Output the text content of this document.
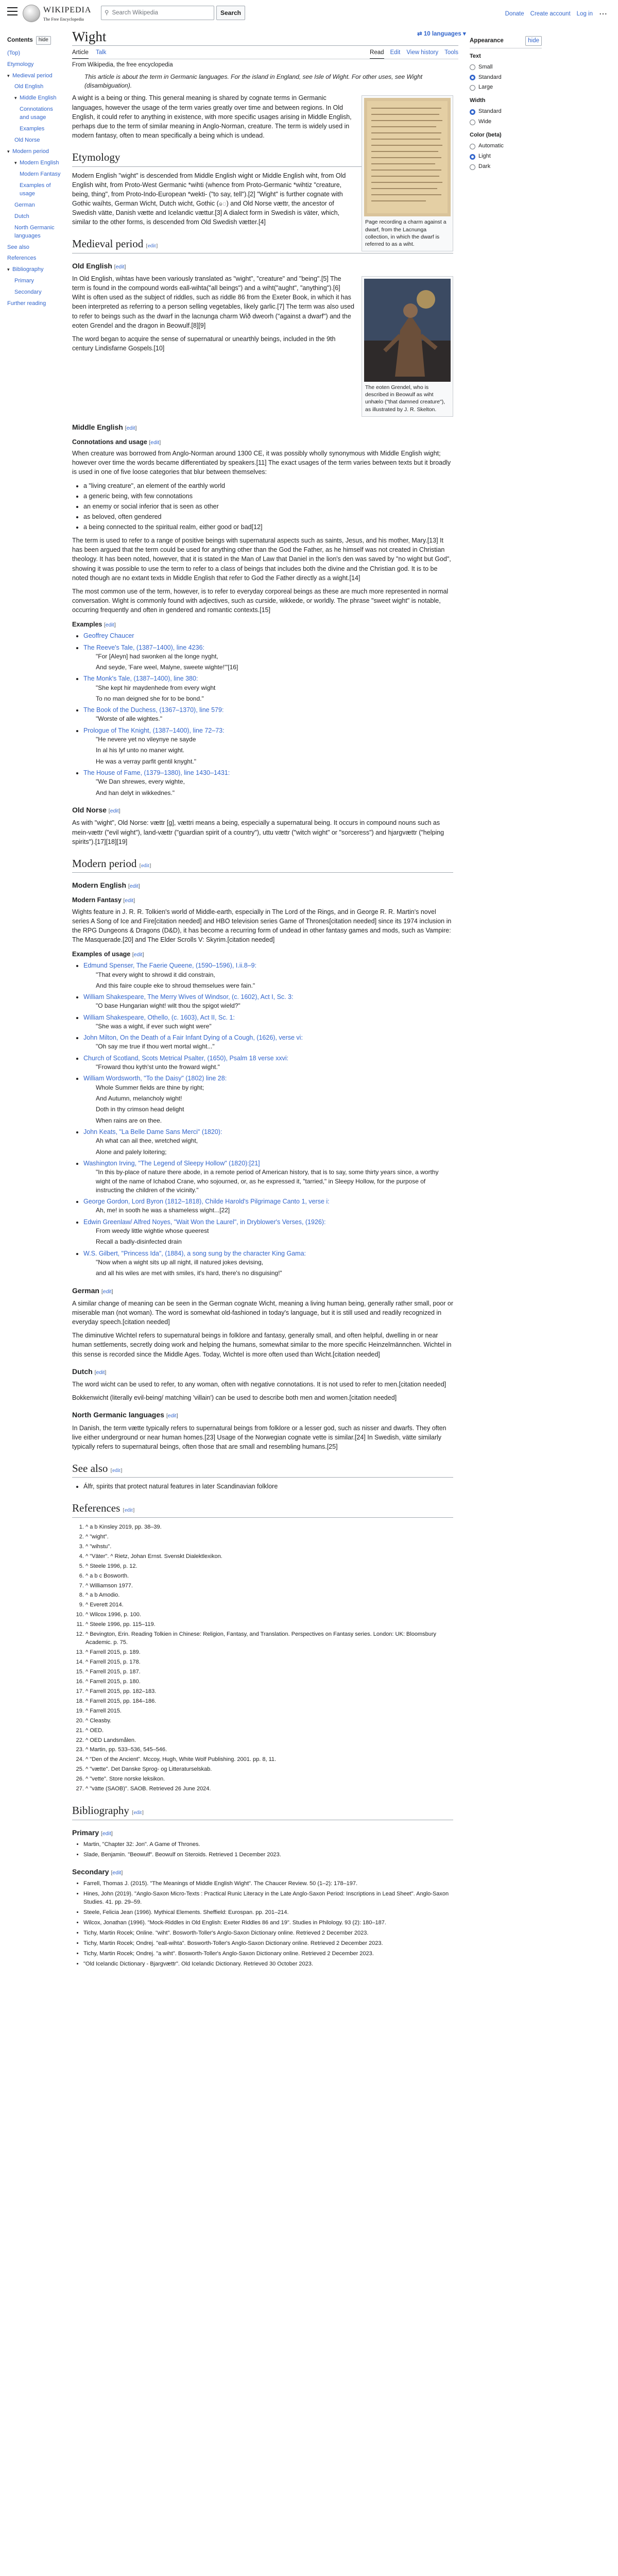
WIKIPEDIA
The Free Encyclopedia
⚲ Search Wikipedia	Search	Donate Create account Log in ⋯
Contents	hide
(Top)
Etymology
▾ Medieval period
Old English
▾ Middle English
Connotations and usage
Examples
Old Norse
▾ Modern period
▾ Modern English
Modern Fantasy
Examples of usage
German
Dutch
North Germanic languages
See also
References
▾ Bibliography
Primary
Secondary
Further reading
Wight	⇄ 10 languages ▾
Article Talk	Read Edit View history Tools
Appearance	hide
Text
Small
Standard
Large
Width
Standard
Wide
Color (beta)
Automatic
Light
Dark
From Wikipedia, the free encyclopedia
This article is about the term in Germanic languages. For the island in England, see Isle of Wight. For other uses, see Wight (disambiguation).
Page recording a charm against a dwarf, from the Lacnunga collection, in which the dwarf is referred to as a wiht.

A wight is a being or thing. This general meaning is shared by cognate terms in Germanic languages, however the usage of the term varies greatly over time and between regions. In Old English, it could refer to anything in existence, with more specific usages arising in Middle English, perhaps due to the term of similar meaning in Anglo-Norman, creature. The term is widely used in modern fantasy, often to mean specifically a being which is undead.

Etymology

Modern English "wight" is descended from Middle English wight or Middle English wiht, from Old English wiht, from Proto-West Germanic *wihti (whence from Proto-Germanic *wihtiz "creature, being, thing", from Proto-Indo-European *wekti- ("to say, tell").[2] "Wight" is further cognate with Gothic waíhts, German Wicht, Dutch wicht, Gothic (ေ) and Old Norse vættr, the ancestor of Swedish vätte, Danish vætte and Icelandic vættur.[3] A dialect form in Swedish is väter, which, similar to the other forms, is descended from Old Swedish vætter.[4]

Medieval period [edit]
Old English [edit]
The eoten Grendel, who is described in Beowulf as wiht unhælo ("that damned creature"), as illustrated by J. R. Skelton.

In Old English, wihtas have been variously translated as "wight", "creature" and "being".[5] The term is found in the compound words eall-wihta("all beings") and a wiht("aught", "anything").[6] Wiht is often used as the subject of riddles, such as riddle 86 from the Exeter Book, in which it has been interpreted as referring to a person selling vegetables, likely garlic.[7] The term was also used to refer to beings such as the dwarf in the lacnunga charm Wið dweorh ("against a dwarf") and the eoten Grendel and the dragon in Beowulf.[8][9]

The word began to acquire the sense of supernatural or unearthly beings, included in the 9th century Lindisfarne Gospels.[10]

Middle English [edit]
Connotations and usage [edit]

When creature was borrowed from Anglo-Norman around 1300 CE, it was possibly wholly synonymous with Middle English wight; however over time the words became differentiated by speakers.[11] The exact usages of the term varies between texts but it broadly is used in one of five loose categories that blur between themselves:

• a "living creature", an element of the earthly world
• a generic being, with few connotations
• an enemy or social inferior that is seen as other
• as beloved, often gendered
• a being connected to the spiritual realm, either good or bad[12]

The term is used to refer to a range of positive beings with supernatural aspects such as saints, Jesus, and his mother, Mary.[13] It has been argued that the term could be used for anything other than the God the Father, as he himself was not created in Christian theology. It has been noted, however, that it is stated in the Man of Law that Daniel in the lion's den was saved by "no wight but God", showing it was possible to use the term to refer to a class of beings that includes both the divine and the Christian god. It is to be noted though are no extant texts in Middle English that refer to God the Father directly as a wight.[14]

The most common use of the term, however, is to refer to everyday corporeal beings as these are much more represented in normal conversation. Wight is commonly found with adjectives, such as curside, wikkede, or worldly. The phrase "sweet wight" is notable, occurring frequently and often in gendered and romantic contexts.[15]

Examples [edit]
• Geoffrey Chaucer
• The Reeve's Tale, (1387–1400), line 4236:
"For [Aleyn] had swonken al the longe nyght,
And seyde, 'Fare weel, Malyne, sweete wighte!'"[16]
• The Monk's Tale, (1387–1400), line 380:
"She kept hir maydenhede from every wight
To no man deigned she for to be bond."
• The Book of the Duchess, (1367–1370), line 579:
"Worste of alle wightes."
• Prologue of The Knight, (1387–1400), line 72–73:
"He nevere yet no vileynye ne sayde
In al his lyf unto no maner wight.
He was a verray parfit gentil knyght."
• The House of Fame, (1379–1380), line 1430–1431:
"We Dan shrewes, every wighte,
And han delyt in wikkednes."
Old Norse [edit]

As with "wight", Old Norse: vættr [g], vættri means a being, especially a supernatural being. It occurs in compound nouns such as mein-vættr ("evil wight"), land-vættr ("guardian spirit of a country"), uttu vættr ("witch wight" or "sorceress") and hjargvættr ("helping spirits").[17][18][19]

Modern period [edit]
Modern English [edit]
Modern Fantasy [edit]

Wights feature in J. R. R. Tolkien's world of Middle-earth, especially in The Lord of the Rings, and in George R. R. Martin's novel series A Song of Ice and Fire[citation needed] and HBO television series Game of Thrones[citation needed] since its 1974 inclusion in the RPG Dungeons & Dragons (D&D), it has become a recurring form of undead in other fantasy games and mods, such as Vampire: The Masquerade.[20] and The Elder Scrolls V: Skyrim.[citation needed]

Examples of usage [edit]
• Edmund Spenser, The Faerie Queene, (1590–1596), I.ii.8–9:
"That every wight to shrowd it did constrain,
And this faire couple eke to shroud themselues were fain."
• William Shakespeare, The Merry Wives of Windsor, (c. 1602), Act I, Sc. 3:
"O base Hungarian wight! wilt thou the spigot wield?"
• William Shakespeare, Othello, (c. 1603), Act II, Sc. 1:
"She was a wight, if ever such wight were"
• John Milton, On the Death of a Fair Infant Dying of a Cough, (1626), verse vi:
"Oh say me true if thou wert mortal wight..."
• Church of Scotland, Scots Metrical Psalter, (1650), Psalm 18 verse xxvi:
"Froward thou kyth'st unto the froward wight."
• William Wordsworth, "To the Daisy" (1802) line 28:
Whole Summer fields are thine by right;
And Autumn, melancholy wight!
Doth in thy crimson head delight
When rains are on thee.
• John Keats, "La Belle Dame Sans Merci" (1820):
Ah what can ail thee, wretched wight,
Alone and palely loitering;
• Washington Irving, "The Legend of Sleepy Hollow" (1820):[21]
"In this by-place of nature there abode, in a remote period of American history, that is to say, some thirty years since, a worthy wight of the name of Ichabod Crane, who sojourned, or, as he expressed it, "tarried," in Sleepy Hollow, for the purpose of instructing the children of the vicinity."
• George Gordon, Lord Byron (1812–1818), Childe Harold's Pilgrimage Canto 1, verse i:
Ah, me! in sooth he was a shameless wight...[22]
• Edwin Greenlaw/ Alfred Noyes, "Wait Won the Laurel", in Dryblower's Verses, (1926):
From weedy little wightie whose queerest
Recall a badly-disinfected drain
• W.S. Gilbert, "Princess Ida", (1884), a song sung by the character King Gama:
"Now when a wight sits up all night, ill natured jokes devising,
and all his wiles are met with smiles, it's hard, there's no disguising!"
German [edit]

A similar change of meaning can be seen in the German cognate Wicht, meaning a living human being, generally rather small, poor or miserable man (not woman). The word is somewhat old-fashioned in today's language, but it is still used and readily recognized in everyday speech.[citation needed]

The diminutive Wichtel refers to supernatural beings in folklore and fantasy, generally small, and often helpful, dwelling in or near human settlements, secretly doing work and helping the humans, somewhat similar to the more specific Heinzelmännchen. Wichtel in this sense is recorded since the Middle Ages. Today, Wichtel is more often used than Wicht.[citation needed]

Dutch [edit]

The word wicht can be used to refer, to any woman, often with negative connotations. It is not used to refer to men.[citation needed]

Bokkenwicht (literally evil-being/ matching 'villain') can be used to describe both men and women.[citation needed]

North Germanic languages [edit]

In Danish, the term vætte typically refers to supernatural beings from folklore or a lesser god, such as nisser and dwarfs. They often live either underground or near human homes.[23] Usage of the Norwegian cognate vette is similar.[24] In Swedish, vätte similarly typically refers to supernatural beings, often those that are small and resembling humans.[25]

See also [edit]
• Álfr, spirits that protect natural features in later Scandinavian folklore
References [edit]
1. ^ a b Kinsley 2019, pp. 38–39.
2. ^ "wight".
3. ^ "wihstu".
4. ^ "Väter". ^ Rietz, Johan Ernst. Svenskt Dialektlexikon.
5. ^ Steele 1996, p. 12.
6. ^ a b c Bosworth.
7. ^ Williamson 1977.
8. ^ a b Amodio.
9. ^ Everett 2014.
10. ^ Wilcox 1996, p. 100.
11. ^ Steele 1996, pp. 115–119.
12. ^ Bevington, Erin. Reading Tolkien in Chinese: Religion, Fantasy, and Translation. Perspectives on Fantasy series. London: UK: Bloomsbury Academic. p. 75.
13. ^ Farrell 2015, p. 189.
14. ^ Farrell 2015, p. 178.
15. ^ Farrell 2015, p. 187.
16. ^ Farrell 2015, p. 180.
17. ^ Farrell 2015, pp. 182–183.
18. ^ Farrell 2015, pp. 184–186.
19. ^ Farrell 2015.
20. ^ Cleasby.
21. ^ OED.
22. ^ OED Landsmålen.
23. ^ Martin, pp. 533–536, 545–546.
24. ^ "Den of the Ancient". Mccoy, Hugh, White Wolf Publishing. 2001. pp. 8, 11.
25. ^ "vætte". Det Danske Sprog- og Litteraturselskab.
26. ^ "vette". Store norske leksikon.
27. ^ "vätte (SAOB)". SAOB. Retrieved 26 June 2024.
Bibliography [edit]
Primary [edit]
• Martin, "Chapter 32: Jon". A Game of Thrones.
• Slade, Benjamin. "Beowulf". Beowulf on Steroids. Retrieved 1 December 2023.
Secondary [edit]
• Farrell, Thomas J. (2015). "The Meanings of Middle English Wight". The Chaucer Review. 50 (1–2): 178–197.
• Hines, John (2019). "Anglo-Saxon Micro-Texts : Practical Runic Literacy in the Late Anglo-Saxon Period: Inscriptions in Lead Sheet". Anglo-Saxon Studies. 41. pp. 29–59.
• Steele, Felicia Jean (1996). Mythical Elements. Sheffield: Eurospan. pp. 201–214.
• Wilcox, Jonathan (1996). "Mock-Riddles in Old English: Exeter Riddles 86 and 19". Studies in Philology. 93 (2): 180–187.
• Tichy, Martin Rocek; Online. "wiht". Bosworth-Toller's Anglo-Saxon Dictionary online. Retrieved 2 December 2023.
• Tichy, Martin Rocek; Ondrej. "eall-wihta". Bosworth-Toller's Anglo-Saxon Dictionary online. Retrieved 2 December 2023.
• Tichy, Martin Rocek; Ondrej. "a wiht". Bosworth-Toller's Anglo-Saxon Dictionary online. Retrieved 2 December 2023.
• "Old Icelandic Dictionary - Bjargvættr". Old Icelandic Dictionary. Retrieved 30 October 2023.
